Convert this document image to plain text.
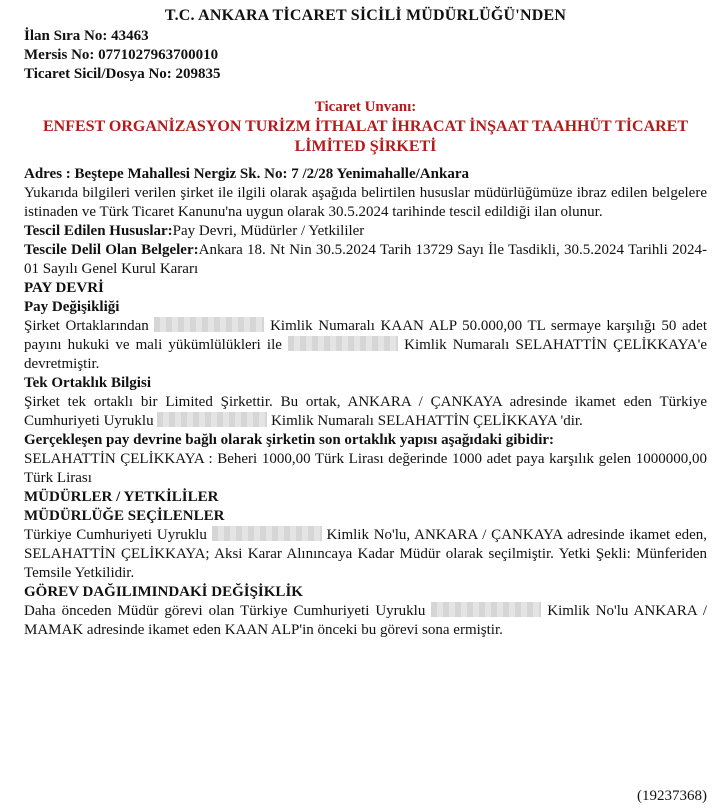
T.C. ANKARA TİCARET SİCİLİ MÜDÜRLÜĞÜ'NDEN
İlan Sıra No: 43463
Mersis No: 0771027963700010
Ticaret Sicil/Dosya No: 209835
Ticaret Unvanı:
ENFEST ORGANİZASYON TURİZM İTHALAT İHRACAT İNŞAAT TAAHHÜT TİCARET LİMİTED ŞİRKETİ
Adres : Beştepe Mahallesi Nergiz Sk. No: 7 /2/28 Yenimahalle/Ankara

Yukarıda bilgileri verilen şirket ile ilgili olarak aşağıda belirtilen hususlar müdürlüğümüze ibraz edilen belgelere istinaden ve Türk Ticaret Kanunu'na uygun olarak 30.5.2024 tarihinde tescil edildiği ilan olunur.

Tescil Edilen Hususlar:Pay Devri, Müdürler / Yetkililer

Tescile Delil Olan Belgeler:Ankara 18. Nt Nin 30.5.2024 Tarih 13729 Sayı İle Tasdikli, 30.5.2024 Tarihli 2024-01 Sayılı Genel Kurul Kararı

PAY DEVRİ
Pay Değişikliği

Şirket Ortaklarından	Kimlik Numaralı KAAN ALP 50.000,00 TL sermaye karşılığı 50 adet payını hukuki ve mali yükümlülükleri ile	Kimlik Numaralı SELAHATTİN ÇELİKKAYA'e devretmiştir.

Tek Ortaklık Bilgisi

Şirket tek ortaklı bir Limited Şirkettir. Bu ortak, ANKARA / ÇANKAYA adresinde ikamet eden Türkiye Cumhuriyeti Uyruklu	Kimlik Numaralı SELAHATTİN ÇELİKKAYA 'dir.

Gerçekleşen pay devrine bağlı olarak şirketin son ortaklık yapısı aşağıdaki gibidir:

SELAHATTİN ÇELİKKAYA : Beheri 1000,00 Türk Lirası değerinde 1000 adet paya karşılık gelen 1000000,00 Türk Lirası

MÜDÜRLER / YETKİLİLER
MÜDÜRLÜĞE SEÇİLENLER

Türkiye Cumhuriyeti Uyruklu	Kimlik No'lu, ANKARA / ÇANKAYA adresinde ikamet eden, SELAHATTİN ÇELİKKAYA; Aksi Karar Alınıncaya Kadar Müdür olarak seçilmiştir. Yetki Şekli: Münferiden Temsile Yetkilidir.

GÖREV DAĞILIMINDAKİ DEĞİŞİKLİK

Daha önceden Müdür görevi olan Türkiye Cumhuriyeti Uyruklu	Kimlik No'lu ANKARA / MAMAK adresinde ikamet eden KAAN ALP'in önceki bu görevi sona ermiştir.

(19237368)
